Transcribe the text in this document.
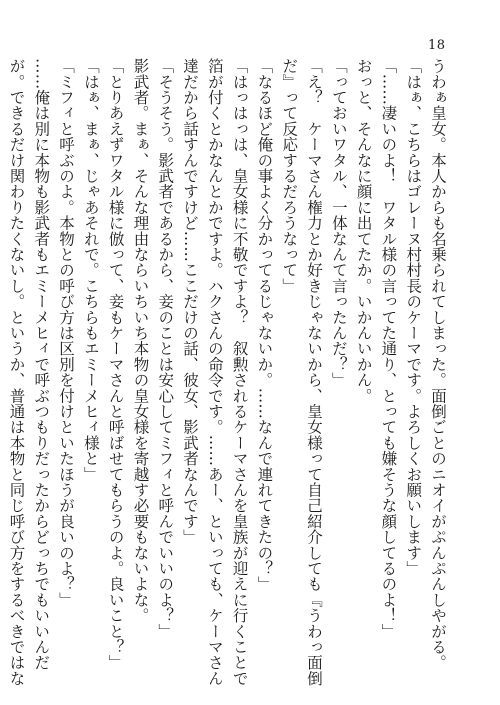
18
うわぁ皇女。本人からも名乗られてしまった。面倒ごとのニオイがぷんぷんしやがる。
「はぁ、こちらはゴレーヌ村村長のケーマです。よろしくお願いします」
「……凄いのよ！　ワタル様の言ってた通り、とっても嫌そうな顔してるのよ！」
おっと、そんなに顔に出てたか。いかんいかん。
「っておいワタル、一体なんて言ったんだ？」
「え？　ケーマさん権力とか好きじゃないから、皇女様って自己紹介しても『うわっ面倒
だ』って反応するだろうなって」
「なるほど俺の事よく分かってるじゃないか。……なんで連れてきたの？」
「はっはっは、皇女様に不敬ですよ？　叙勲されるケーマさんを皇族が迎えに行くことで
箔が付くとかなんとかですよ。ハクさんの命令です。……あー、といっても、ケーマさん
達だから話すんですけど……ここだけの話、彼女、影武者なんです」
「そうそう。影武者であるから、妾のことは安心してミフィと呼んでいいのよ？」
影武者。まぁ、そんな理由ならいちいち本物の皇女様を寄越す必要もないよな。
「とりあえずワタル様に倣って、妾もケーマさんと呼ばせてもらうのよ。良いこと？」
「はぁ、まぁ、じゃあそれで。こちらもエミーメヒィ様と」
「ミフィと呼ぶのよ。本物との呼び方は区別を付けといたほうが良いのよ？」
……俺は別に本物も影武者もエミーメヒィで呼ぶつもりだったからどっちでもいいんだ
が。できるだけ関わりたくないし。というか、普通は本物と同じ呼び方をするべきではな
